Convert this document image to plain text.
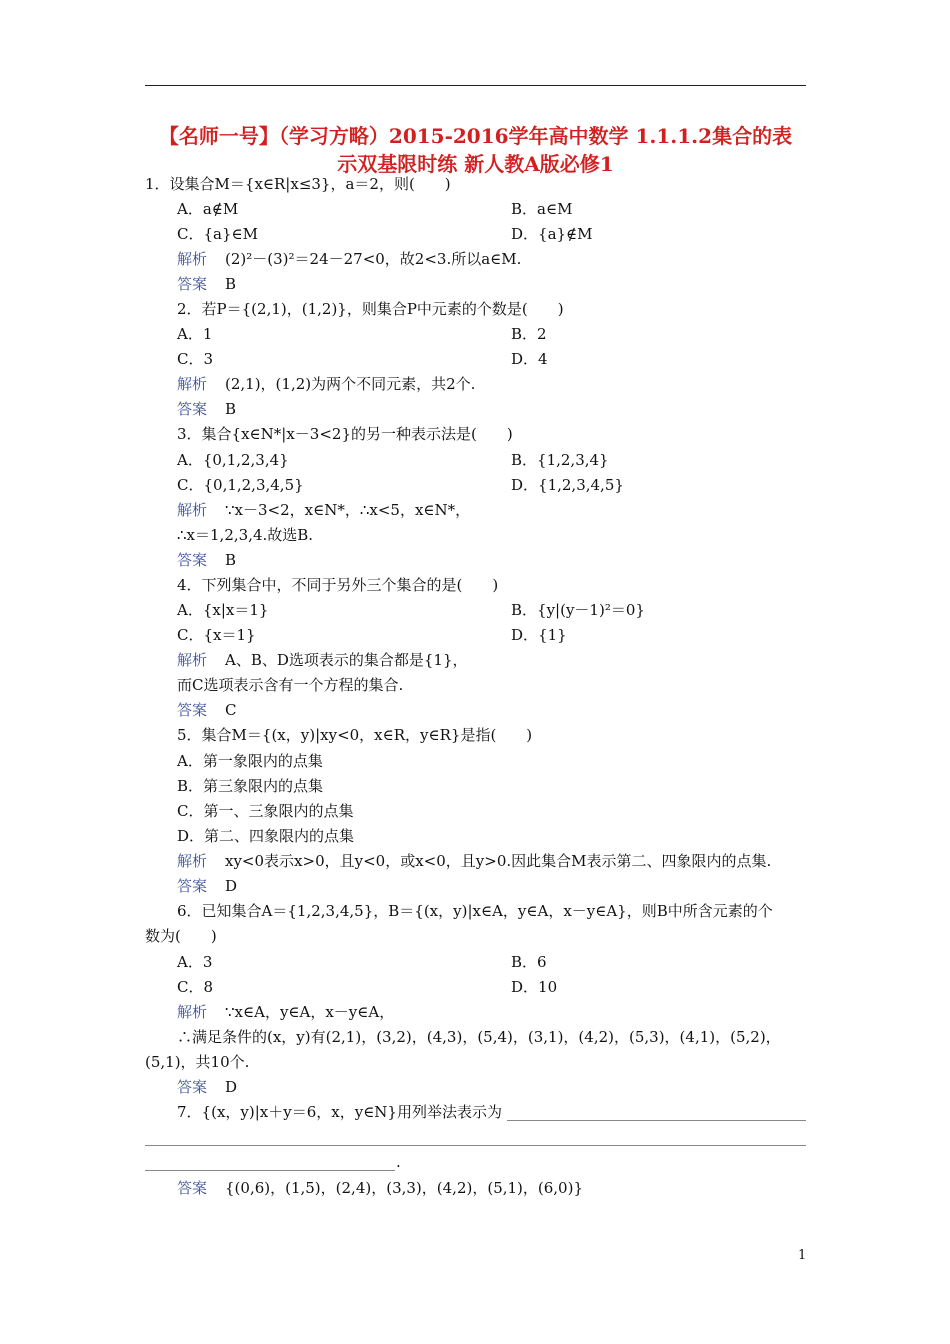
【名师一号】（学习方略）2015-2016学年高中数学 1.1.1.2集合的表
示双基限时练 新人教A版必修1
1．设集合M＝{x∈R|x≤3}，a＝2，则(　　)
A．a∉M	B．a∈M
C．{a}∈M	D．{a}∉M
解析 (2)²－(3)²＝24－27<0，故2<3.所以a∈M.
答案 B
2．若P＝{(2,1)，(1,2)}，则集合P中元素的个数是(　　)
A．1	B．2
C．3	D．4
解析 (2,1)，(1,2)为两个不同元素，共2个.
答案 B
3．集合{x∈N*|x－3<2}的另一种表示法是(　　)
A．{0,1,2,3,4}	B．{1,2,3,4}
C．{0,1,2,3,4,5}	D．{1,2,3,4,5}
解析 ∵x－3<2，x∈N*，∴x<5，x∈N*，
∴x＝1,2,3,4.故选B.
答案 B
4．下列集合中，不同于另外三个集合的是(　　)
A．{x|x＝1}	B．{y|(y－1)²＝0}
C．{x＝1}	D．{1}
解析 A、B、D选项表示的集合都是{1}，
而C选项表示含有一个方程的集合.
答案 C
5．集合M＝{(x，y)|xy<0，x∈R，y∈R}是指(　　)
A．第一象限内的点集
B．第三象限内的点集
C．第一、三象限内的点集
D．第二、四象限内的点集
解析 xy<0表示x>0，且y<0，或x<0，且y>0.因此集合M表示第二、四象限内的点集.
答案 D
6．已知集合A＝{1,2,3,4,5}，B＝{(x，y)|x∈A，y∈A，x－y∈A}，则B中所含元素的个
数为(　　)
A．3	B．6
C．8	D．10
解析 ∵x∈A，y∈A，x－y∈A，
∴满足条件的(x，y)有(2,1)，(3,2)，(4,3)，(5,4)，(3,1)，(4,2)，(5,3)，(4,1)，(5,2)，
(5,1)，共10个.
答案 D
7．{(x，y)|x＋y＝6，x，y∈N}用列举法表示为
.
答案 {(0,6)，(1,5)，(2,4)，(3,3)，(4,2)，(5,1)，(6,0)}
1
